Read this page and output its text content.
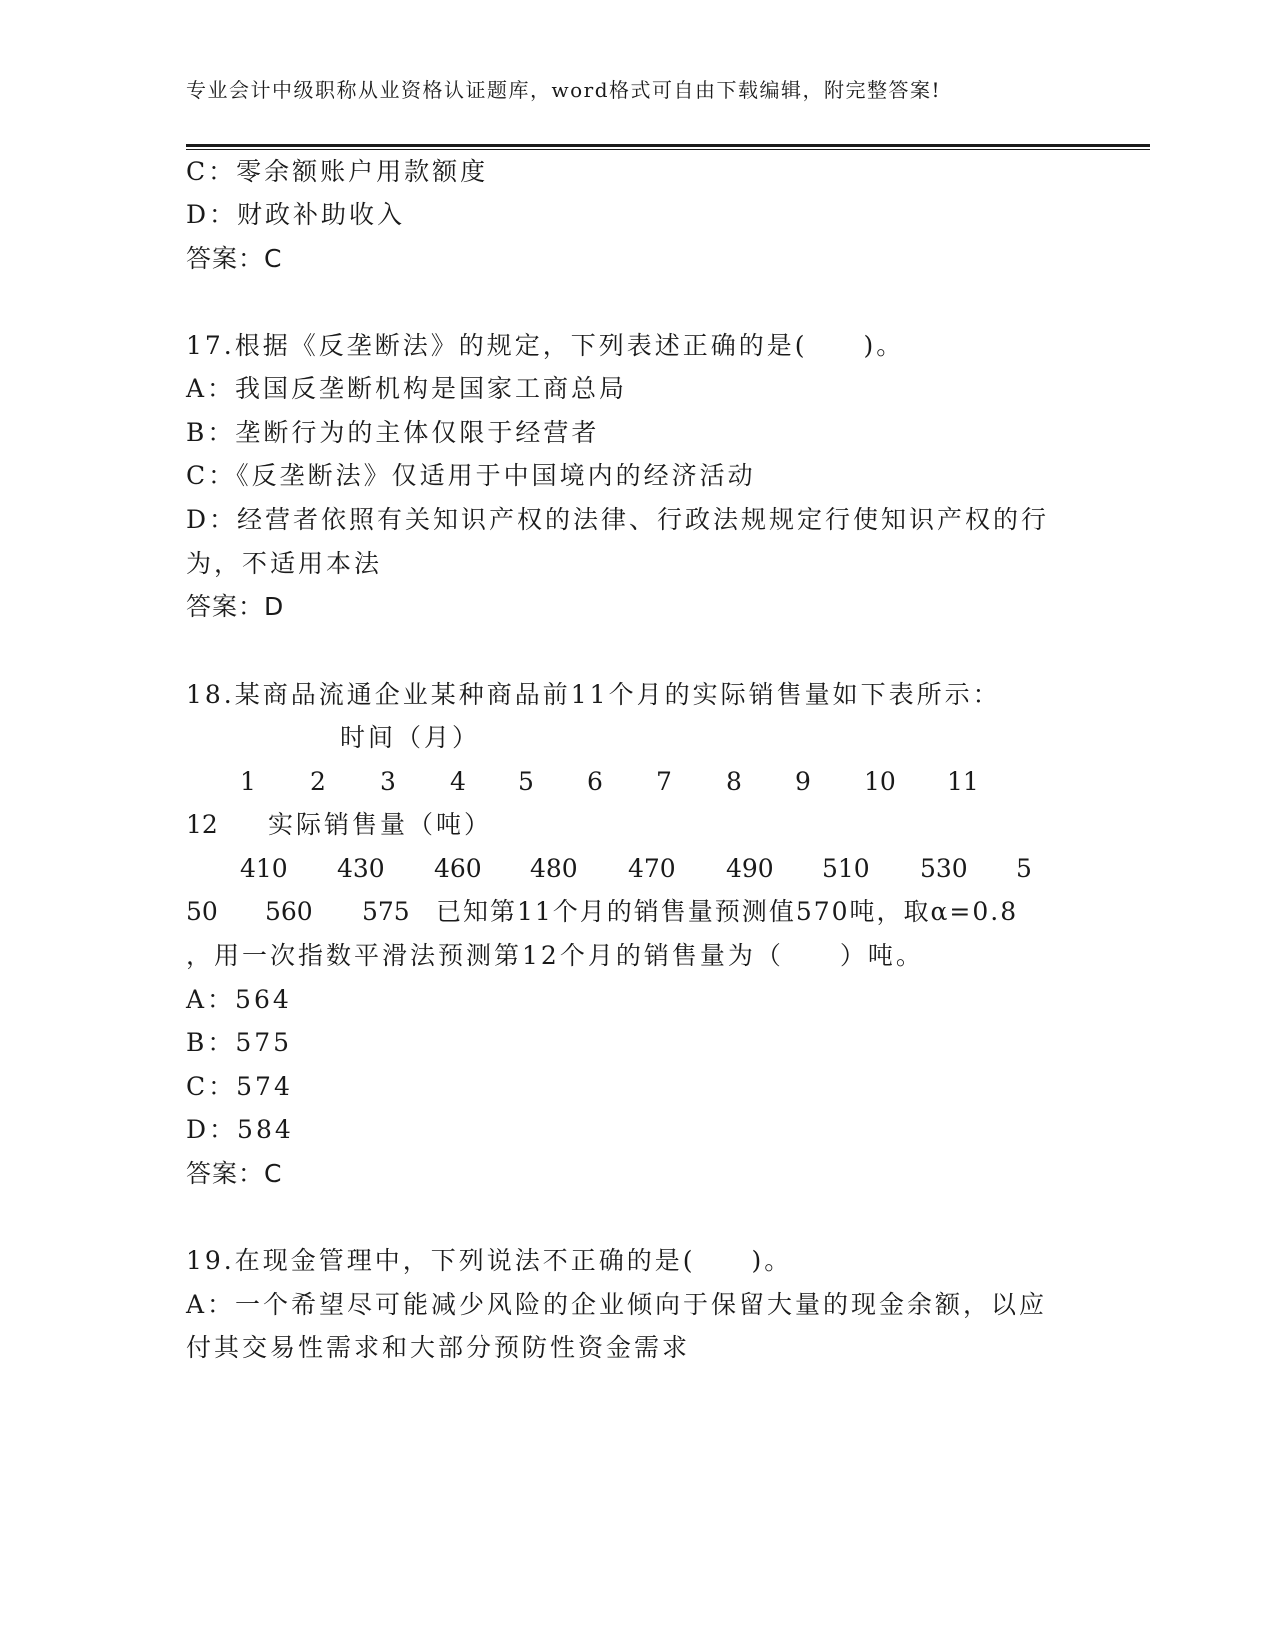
专业会计中级职称从业资格认证题库，word格式可自由下载编辑，附完整答案!
C：零余额账户用款额度
D：财政补助收入
答案：C
17.根据《反垄断法》的规定，下列表述正确的是(　　)。
A：我国反垄断机构是国家工商总局
B：垄断行为的主体仅限于经营者
C：《反垄断法》仅适用于中国境内的经济活动
D：经营者依照有关知识产权的法律、行政法规规定行使知识产权的行
为，不适用本法
答案：D
18.某商品流通企业某种商品前11个月的实际销售量如下表所示：
时间（月）
1 2 3 4 5 6 7 8 9 10 11
12 实际销售量（吨）
410 430 460 480 470 490 510 530 5
50 560 575 已知第11个月的销售量预测值570吨，取α=0.8
，用一次指数平滑法预测第12个月的销售量为（　　）吨。
A：564
B：575
C：574
D：584
答案：C
19.在现金管理中，下列说法不正确的是(　　)。
A：一个希望尽可能减少风险的企业倾向于保留大量的现金余额，以应
付其交易性需求和大部分预防性资金需求
